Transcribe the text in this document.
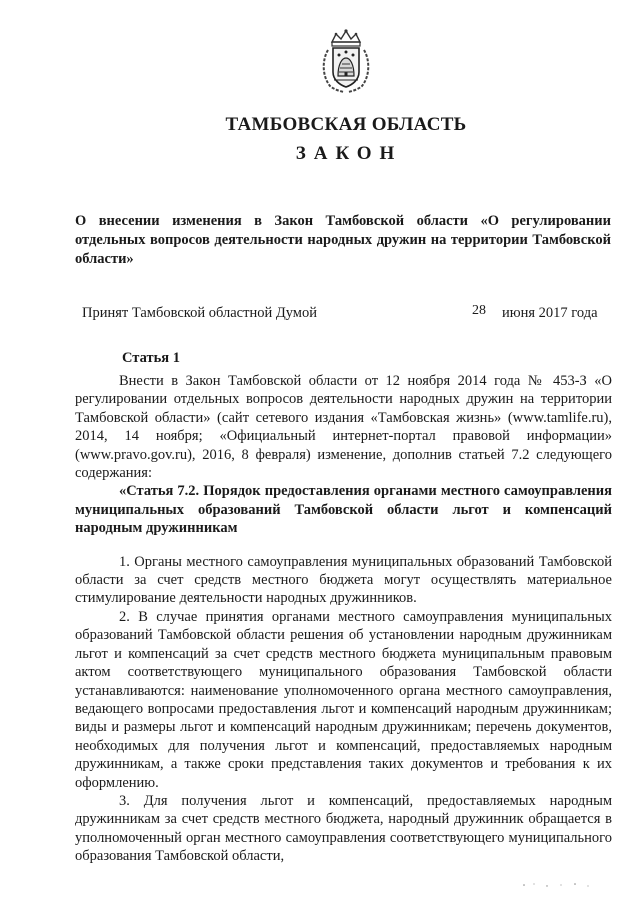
ТАМБОВСКАЯ ОБЛАСТЬ
ЗАКОН
О внесении изменения в Закон Тамбовской области «О регулировании отдельных вопросов деятельности народных дружин на территории Тамбовской области»
Принят Тамбовской областной Думой	28 июня 2017 года
Статья 1

Внести в Закон Тамбовской области от 12 ноября 2014 года № 453-З «О регулировании отдельных вопросов деятельности народных дружин на территории Тамбовской области» (сайт сетевого издания «Тамбовская жизнь» (www.tamlife.ru), 2014, 14 ноября; «Официальный интернет-портал правовой информации» (www.pravo.gov.ru), 2016, 8 февраля) изменение, дополнив статьей 7.2 следующего содержания:

«Статья 7.2. Порядок предоставления органами местного самоуправления муниципальных образований Тамбовской области льгот и компенсаций народным дружинникам

1. Органы местного самоуправления муниципальных образований Тамбовской области за счет средств местного бюджета могут осуществлять материальное стимулирование деятельности народных дружинников.

2. В случае принятия органами местного самоуправления муниципальных образований Тамбовской области решения об установлении народным дружинникам льгот и компенсаций за счет средств местного бюджета муниципальным правовым актом соответствующего муниципального образования Тамбовской области устанавливаются: наименование уполномоченного органа местного самоуправления, ведающего вопросами предоставления льгот и компенсаций народным дружинникам; виды и размеры льгот и компенсаций народным дружинникам; перечень документов, необходимых для получения льгот и компенсаций, предоставляемых народным дружинникам, а также сроки представления таких документов и требования к их оформлению.

3. Для получения льгот и компенсаций, предоставляемых народным дружинникам за счет средств местного бюджета, народный дружинник обращается в уполномоченный орган местного самоуправления соответствующего муниципального образования Тамбовской области,
